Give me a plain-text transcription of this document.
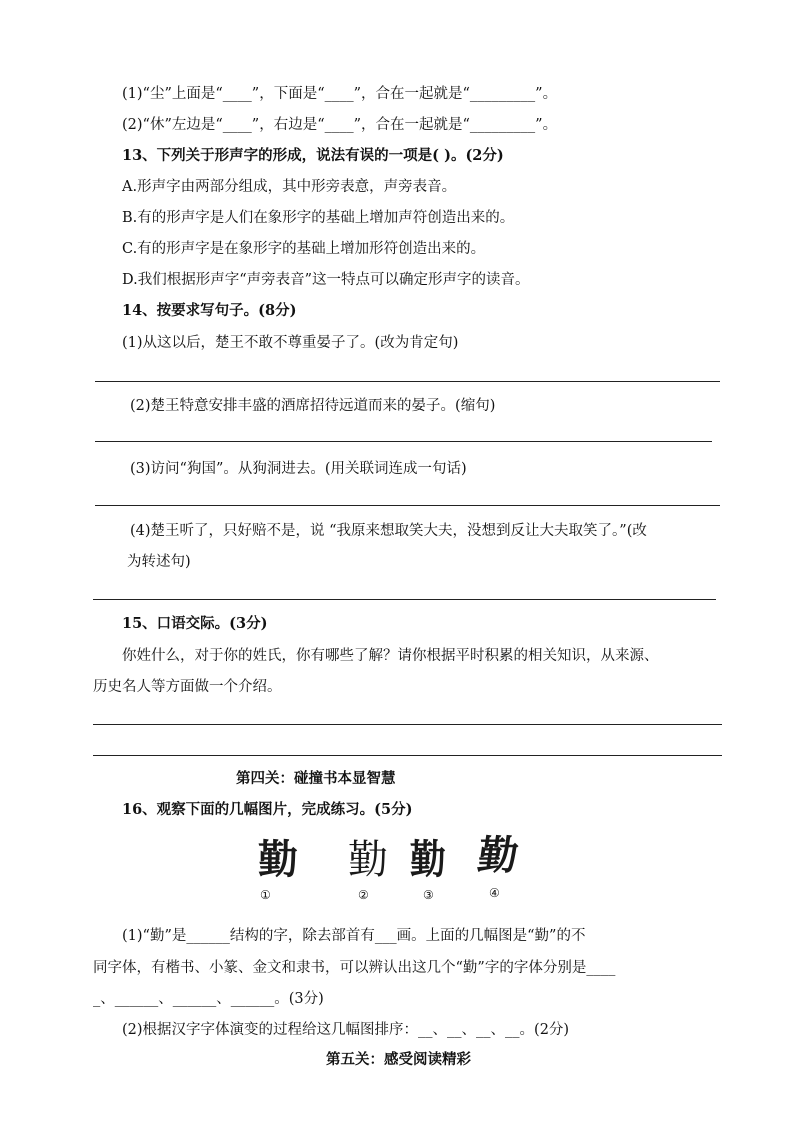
(1)“尘”上面是“____”，下面是“____”，合在一起就是“_________”。
(2)“休”左边是“____”，右边是“____”，合在一起就是“_________”。
13、下列关于形声字的形成，说法有误的一项是( )。(2分)
A.形声字由两部分组成，其中形旁表意，声旁表音。
B.有的形声字是人们在象形字的基础上增加声符创造出来的。
C.有的形声字是在象形字的基础上增加形符创造出来的。
D.我们根据形声字“声旁表音”这一特点可以确定形声字的读音。
14、按要求写句子。(8分)
(1)从这以后，楚王不敢不尊重晏子了。(改为肯定句)
(2)楚王特意安排丰盛的酒席招待远道而来的晏子。(缩句)
(3)访问“狗国”。从狗洞进去。(用关联词连成一句话)
(4)楚王听了，只好赔不是，说 “我原来想取笑大夫，没想到反让大夫取笑了。”(改
为转述句)
15、口语交际。(3分)
你姓什么，对于你的姓氏，你有哪些了解？请你根据平时积累的相关知识，从来源、
历史名人等方面做一个介绍。
第四关：碰撞书本显智慧
16、观察下面的几幅图片，完成练习。(5分)
勤 勤 勤 勤
①	②	③	④
(1)“勤”是______结构的字，除去部首有___画。上面的几幅图是“勤”的不
同字体，有楷书、小篆、金文和隶书，可以辨认出这几个“勤”字的字体分别是____
_、______、______、______。(3分)
(2)根据汉字字体演变的过程给这几幅图排序：__、__、__、__。(2分)
第五关：感受阅读精彩
